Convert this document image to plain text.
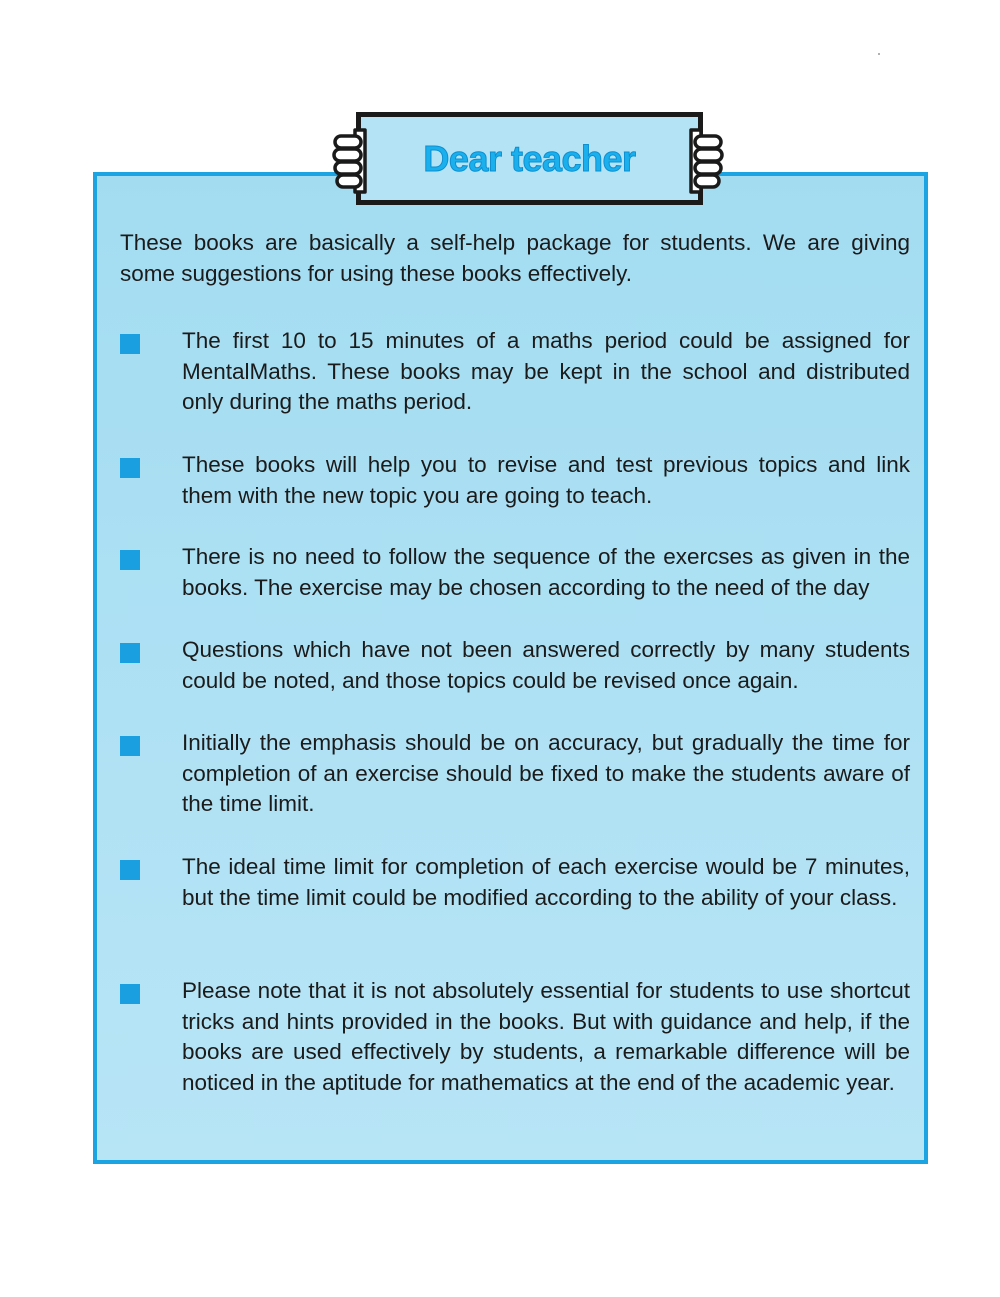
Dear teacher

These books are basically a self-help package for students. We are giving some suggestions for using these books effectively.

The first 10 to 15 minutes of a maths period could be assigned for MentalMaths. These books may be kept in the school and distributed only during the maths period.

These books will help you to revise and test previous topics and link them with the new topic you are going to teach.

There is no need to follow the sequence of the exercses as given in the books. The exercise may be chosen according to the need of the day

Questions which have not been answered correctly by many students could be noted, and those topics could be revised once again.

Initially the emphasis should be on accuracy, but gradually the time for completion of an exercise should be fixed to make the students aware of the time limit.

The ideal time limit for completion of each exercise would be 7 minutes, but the time limit could be modified according to the ability of your class.

Please note that it is not absolutely essential for students to use shortcut tricks and hints provided in the books. But with guidance and help, if the books are used effectively by students, a remarkable difference will be noticed in the aptitude for mathematics at the end of the academic year.
